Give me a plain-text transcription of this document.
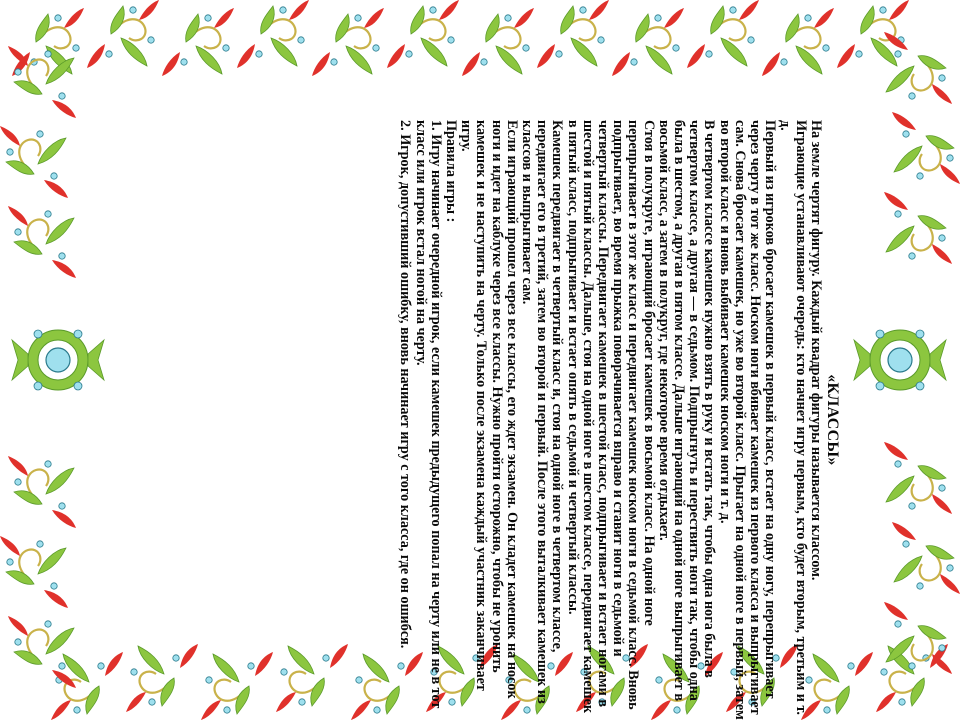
«КЛАССЫ»

На земле чертят фигуру. Каждый квадрат фигуры называется классом.

Играющие устанавливают очередь: кто начнет игру первым, кто будет вторым, третьим и т. д.

Первый из игроков бросает камешек в первый класс, встает на одну ногу, перепрыгивает через черту в тот же класс. Носком ноги вбивает камешек из первого класса и выпрыгивает сам. Снова бросает камешек, но уже во второй класс. Прыгает на одной ноге в первый, затем во второй класс и вновь выбивает камешек носком ноги и т. д.

В четвертом классе камешек нужно взять в руку и встать так, чтобы одна нога была в четвертом классе, а другая — в седьмом. Подпрыгнуть и перествить ноги так, чтобы одна была в шестом, а другая в пятом классе. Дальше играющий на одной ноге выпрыгивает в восьмой класс, а затем в полукруг, где некоторое время отдыхает.

Стоя в полукруге, играющий бросает камешек в восьмой класс. На одной ноге перепрыгивает в этот же класс и передвигает камешек носком ноги в седьмой класс. Вновь подпрыгивает, во время прыжка поворачивается вправо и ставит ноги в седьмой и четвертый классы. Передвигает камешек в шестой класс, подпрыгивает и встает ногами в шестой и пятый классы. Дальше, стоя на одной ноге в шестом классе, передвигает камешек в пятый класс, подпрыгивает и встает опять в седьмой и четвертый классы.

Камешек передвигает в четвертый класс и, стоя на одной ноге в четвертом классе, передвигает его в третий, затем во второй и первый. После этого выталкивает камешек из классов и выпрыгивает сам.

Если играющий прошел через все классы, его ждет экзамен. Он кладет камешек на носок ноги и идет на каблуке через все классы. Нужно пройти осторожно, чтобы не уронить камешек и не наступить на черту. Только после экзамена каждый участник заканчивает игру.

Правила игры :

1. Игру начинает очередной игрок, если камешек предыдущего попал на черту или не в тот класс или игрок встал ногой на черту.

2. Игрок, допустивший ошибку, вновь начинает игру с того класса, где он ошибся.
